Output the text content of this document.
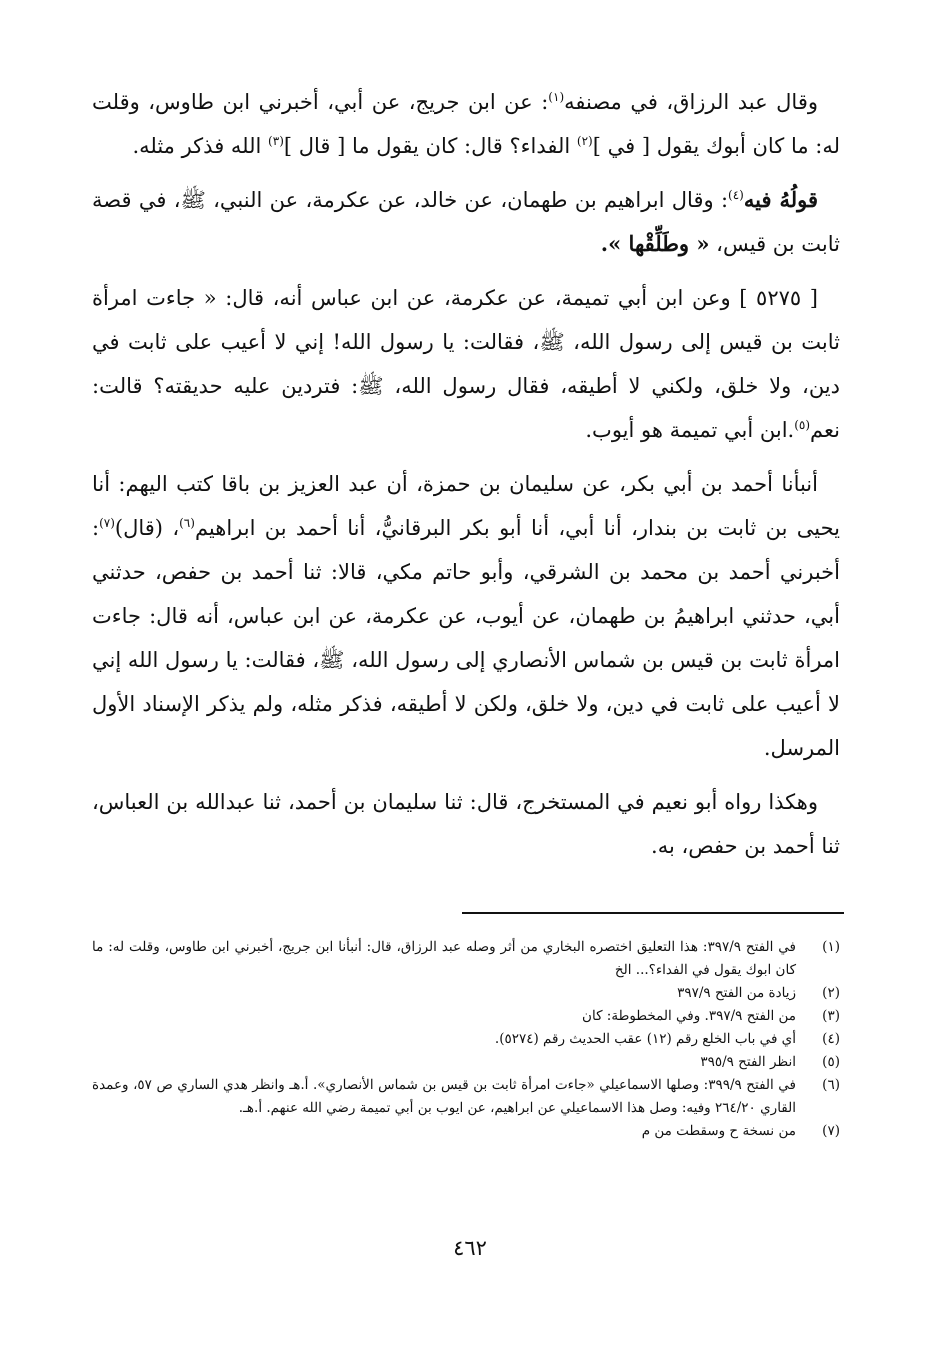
وقال عبد الرزاق، في مصنفه$^{(١)}$: عن ابن جريج، عن أبي، أخبرني ابن طاوس، وقلت له: ما كان أبوك يقول [ في ]$^{(٢)}$ الفداء؟ قال: كان يقول ما [ قال ]$^{(٣)}$ الله فذكر مثله.

قولُهُ فيه$^{(٤)}$: وقال ابراهيم بن طهمان، عن خالد، عن عكرمة، عن النبي، ﷺ، في قصة ثابت بن قيس، « وطَلِّقْها ».

[ ٥٢٧٥ ] وعن ابن أبي تميمة، عن عكرمة، عن ابن عباس أنه، قال: « جاءت امرأة ثابت بن قيس إلى رسول الله، ﷺ، فقالت: يا رسول الله! إني لا أعيب على ثابت في دين، ولا خلق، ولكني لا أطيقه، فقال رسول الله، ﷺ: فتردين عليه حديقته؟ قالت: نعم$^{(٥)}$.ابن أبي تميمة هو أيوب.

أنبأنا أحمد بن أبي بكر، عن سليمان بن حمزة، أن عبد العزيز بن باقا كتب اليهم: أنا يحيى بن ثابت بن بندار، أنا أبي، أنا أبو بكر البرقانيُّ، أنا أحمد بن ابراهيم$^{(٦)}$، (قال)$^{(٧)}$: أخبرني أحمد بن محمد بن الشرقي، وأبو حاتم مكي، قالا: ثنا أحمد بن حفص، حدثني أبي، حدثني ابراهيمُ بن طهمان، عن أيوب، عن عكرمة، عن ابن عباس، أنه قال: جاءت امرأة ثابت بن قيس بن شماس الأنصاري إلى رسول الله، ﷺ، فقالت: يا رسول الله إني لا أعيب على ثابت في دين، ولا خلق، ولكن لا أطيقه، فذكر مثله، ولم يذكر الإسناد الأول المرسل.

وهكذا رواه أبو نعيم في المستخرج، قال: ثنا سليمان بن أحمد، ثنا عبدالله بن العباس، ثنا أحمد بن حفص، به.

(١)
في الفتح ٣٩٧/٩: هذا التعليق اختصره البخاري من أثر وصله عبد الرزاق، قال: أنبأنا ابن جريج، أخبرني ابن طاوس، وقلت له: ما كان ابوك يقول في الفداء؟... الخ
(٢)
زيادة من الفتح ٣٩٧/٩
(٣)
من الفتح ٣٩٧/٩. وفي المخطوطة: كان
(٤)
أي في باب الخلع رقم (١٢) عقب الحديث رقم (٥٢٧٤).
(٥)
انظر الفتح ٣٩٥/٩
(٦)
في الفتح ٣٩٩/٩: وصلها الاسماعيلي «جاءت امرأة ثابت بن قيس بن شماس الأنصاري». أ.هـ وانظر هدي الساري ص ٥٧، وعمدة القاري ٢٦٤/٢٠ وفيه: وصل هذا الاسماعيلي عن ابراهيم، عن ايوب بن أبي تميمة رضي الله عنهم. أ.هـ.
(٧)
من نسخة ح وسقطت من م
٤٦٢
